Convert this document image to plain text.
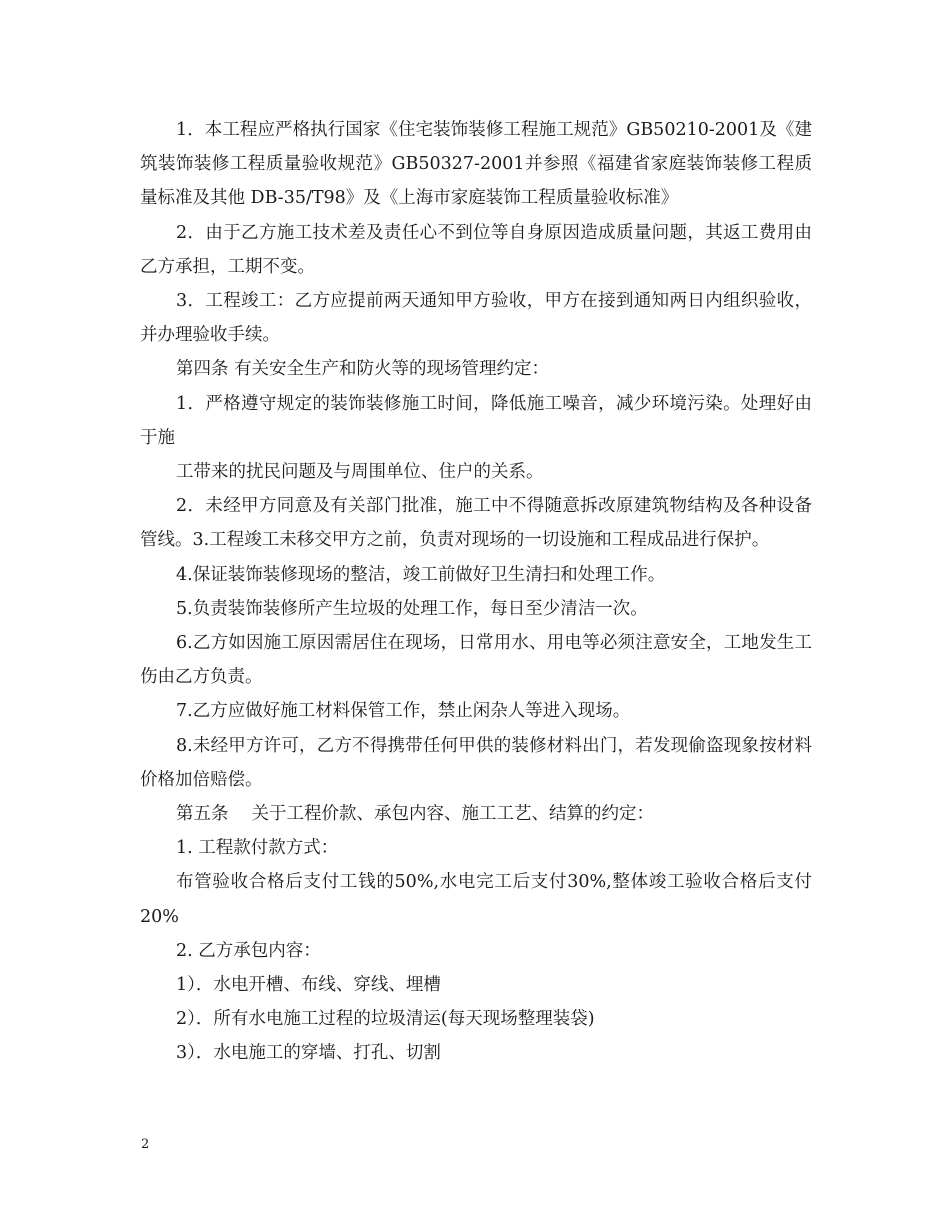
1．本工程应严格执行国家《住宅装饰装修工程施工规范》GB50210-2001及《建筑装饰装修工程质量验收规范》GB50327-2001并参照《福建省家庭装饰装修工程质量标准及其他 DB-35/T98》及《上海市家庭装饰工程质量验收标准》

2．由于乙方施工技术差及责任心不到位等自身原因造成质量问题，其返工费用由乙方承担，工期不变。

3．工程竣工：乙方应提前两天通知甲方验收，甲方在接到通知两日内组织验收，并办理验收手续。

第四条 有关安全生产和防火等的现场管理约定：

1．严格遵守规定的装饰装修施工时间，降低施工噪音，减少环境污染。处理好由于施

工带来的扰民问题及与周围单位、住户的关系。

2．未经甲方同意及有关部门批准，施工中不得随意拆改原建筑物结构及各种设备管线。3.工程竣工未移交甲方之前，负责对现场的一切设施和工程成品进行保护。

4.保证装饰装修现场的整洁，竣工前做好卫生清扫和处理工作。

5.负责装饰装修所产生垃圾的处理工作，每日至少清洁一次。

6.乙方如因施工原因需居住在现场，日常用水、用电等必须注意安全，工地发生工伤由乙方负责。

7.乙方应做好施工材料保管工作，禁止闲杂人等进入现场。

8.未经甲方许可，乙方不得携带任何甲供的装修材料出门，若发现偷盗现象按材料价格加倍赔偿。

第五条　 关于工程价款、承包内容、施工工艺、结算的约定：

1. 工程款付款方式：

布管验收合格后支付工钱的50%,水电完工后支付30%,整体竣工验收合格后支付20%

2. 乙方承包内容：

1）．水电开槽、布线、穿线、埋槽

2）．所有水电施工过程的垃圾清运(每天现场整理装袋)

3）．水电施工的穿墙、打孔、切割

2
